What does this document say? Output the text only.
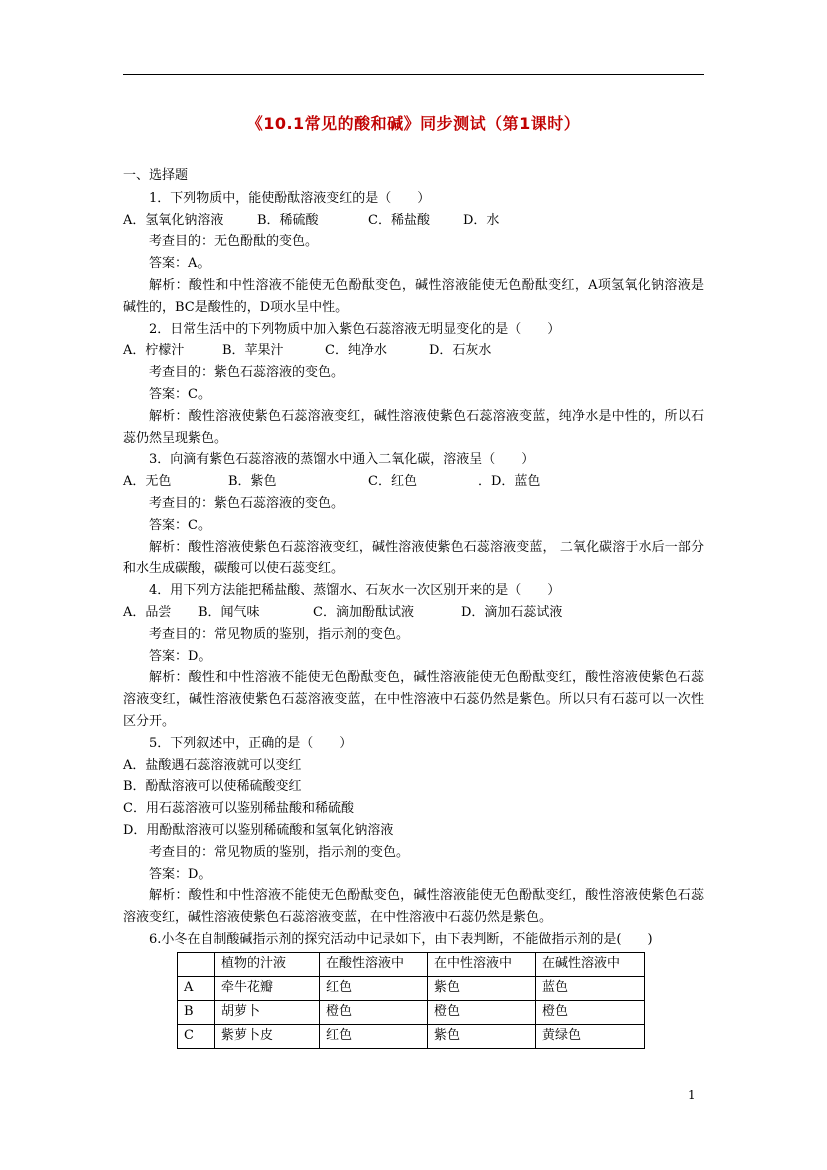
《10.1常见的酸和碱》同步测试（第1课时）
一、选择题
1．下列物质中，能使酚酞溶液变红的是（　　）
A．氢氧化钠溶液	B．稀硫酸	C．稀盐酸	D．水
考查目的：无色酚酞的变色。
答案：A。
解析：酸性和中性溶液不能使无色酚酞变色，碱性溶液能使无色酚酞变红，A项氢氧化钠溶液是碱性的，BC是酸性的，D项水呈中性。
2．日常生活中的下列物质中加入紫色石蕊溶液无明显变化的是（　　）
A．柠檬汁	B．苹果汁	C．纯净水	D．石灰水
考查目的：紫色石蕊溶液的变色。
答案：C。
解析：酸性溶液使紫色石蕊溶液变红，碱性溶液使紫色石蕊溶液变蓝，纯净水是中性的，所以石蕊仍然呈现紫色。
3．向滴有紫色石蕊溶液的蒸馏水中通入二氧化碳，溶液呈（　　）
A．无色	B．紫色	C．红色	．D．蓝色
考查目的：紫色石蕊溶液的变色。
答案：C。
解析：酸性溶液使紫色石蕊溶液变红，碱性溶液使紫色石蕊溶液变蓝， 二氧化碳溶于水后一部分和水生成碳酸，碳酸可以使石蕊变红。
4．用下列方法能把稀盐酸、蒸馏水、石灰水一次区别开来的是（　　）
A．品尝 B．闻气味	C．滴加酚酞试液	D．滴加石蕊试液
考查目的：常见物质的鉴别，指示剂的变色。
答案：D。
解析：酸性和中性溶液不能使无色酚酞变色，碱性溶液能使无色酚酞变红，酸性溶液使紫色石蕊溶液变红，碱性溶液使紫色石蕊溶液变蓝，在中性溶液中石蕊仍然是紫色。所以只有石蕊可以一次性区分开。
5．下列叙述中，正确的是（　　）
A．盐酸遇石蕊溶液就可以变红
B．酚酞溶液可以使稀硫酸变红
C．用石蕊溶液可以鉴别稀盐酸和稀硫酸
D．用酚酞溶液可以鉴别稀硫酸和氢氧化钠溶液
考查目的：常见物质的鉴别，指示剂的变色。
答案：D。
解析：酸性和中性溶液不能使无色酚酞变色，碱性溶液能使无色酚酞变红，酸性溶液使紫色石蕊溶液变红，碱性溶液使紫色石蕊溶液变蓝，在中性溶液中石蕊仍然是紫色。
6.小冬在自制酸碱指示剂的探究活动中记录如下，由下表判断，不能做指示剂的是(　　)
	植物的汁液	在酸性溶液中	在中性溶液中	在碱性溶液中
A	牵牛花瓣	红色	紫色	蓝色
B	胡萝卜	橙色	橙色	橙色
C	紫萝卜皮	红色	紫色	黄绿色
1
